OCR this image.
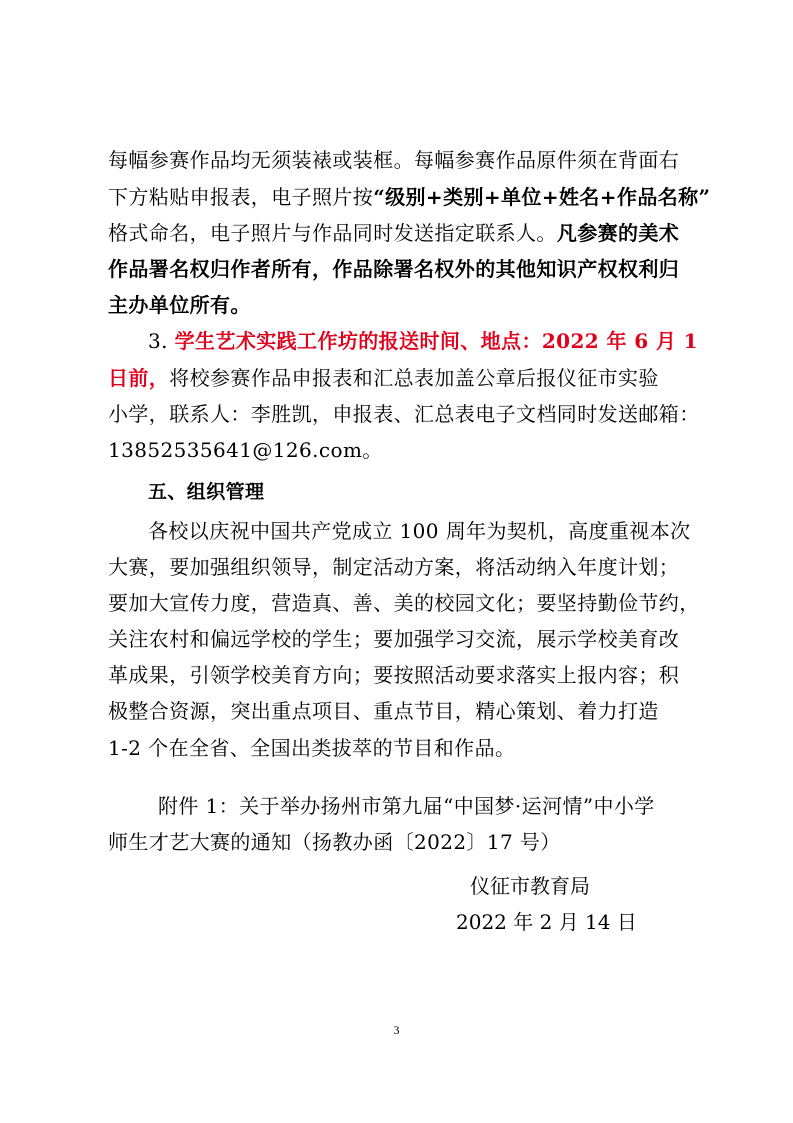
每幅参赛作品均无须装裱或装框。每幅参赛作品原件须在背面右
下方粘贴申报表，电子照片按“级别+类别+单位+姓名+作品名称”
格式命名，电子照片与作品同时发送指定联系人。凡参赛的美术
作品署名权归作者所有，作品除署名权外的其他知识产权权利归
主办单位所有。
3. 学生艺术实践工作坊的报送时间、地点：2022 年 6 月 1
日前，将校参赛作品申报表和汇总表加盖公章后报仪征市实验
小学，联系人：李胜凯，申报表、汇总表电子文档同时发送邮箱：
13852535641@126.com。
五、组织管理
各校以庆祝中国共产党成立 100 周年为契机，高度重视本次
大赛，要加强组织领导，制定活动方案，将活动纳入年度计划；
要加大宣传力度，营造真、善、美的校园文化；要坚持勤俭节约，
关注农村和偏远学校的学生；要加强学习交流，展示学校美育改
革成果，引领学校美育方向；要按照活动要求落实上报内容；积
极整合资源，突出重点项目、重点节目，精心策划、着力打造
1-2 个在全省、全国出类拔萃的节目和作品。
附件 1：关于举办扬州市第九届“中国梦·运河情”中小学
师生才艺大赛的通知（扬教办函〔2022〕17 号）
仪征市教育局
2022 年 2 月 14 日
3
